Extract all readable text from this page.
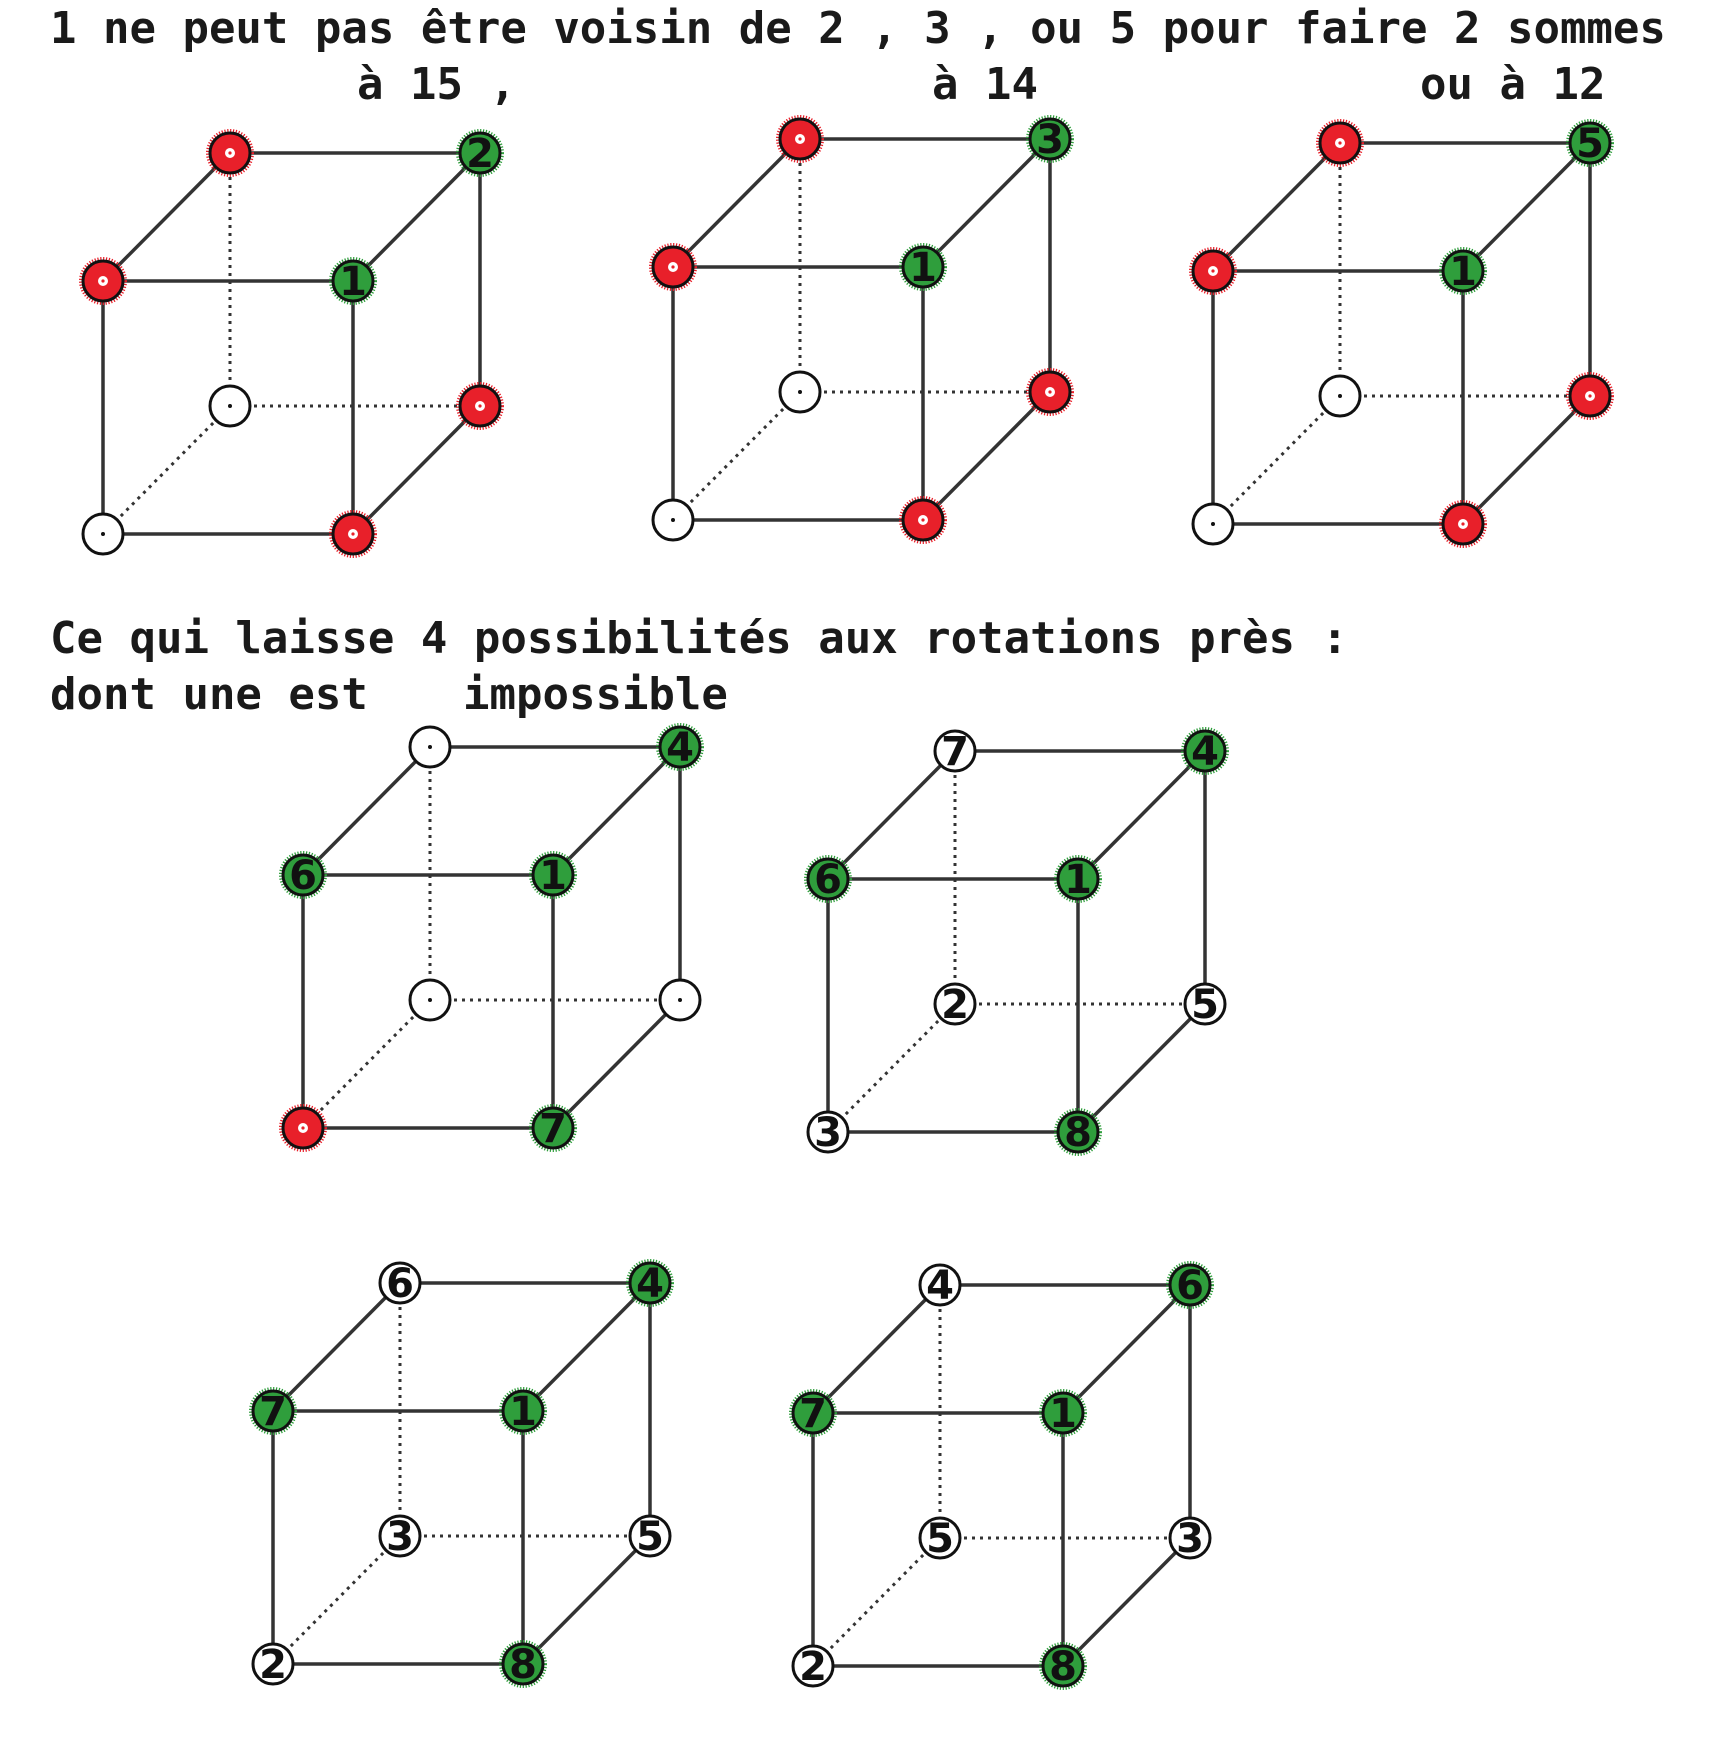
1 ne peut pas être voisin de 2 , 3 , ou 5 pour faire 2 sommes

à 15 ,	à 14	ou à 12

Ce qui laisse 4 possibilités aux rotations près :

dont une est impossible

2
1
3
1
5
1
4
6	1
7
7	4
6	1
2	5
3	8
6	4
7	1
3	5
2	8
4	6
7	1
5	3
2	8
